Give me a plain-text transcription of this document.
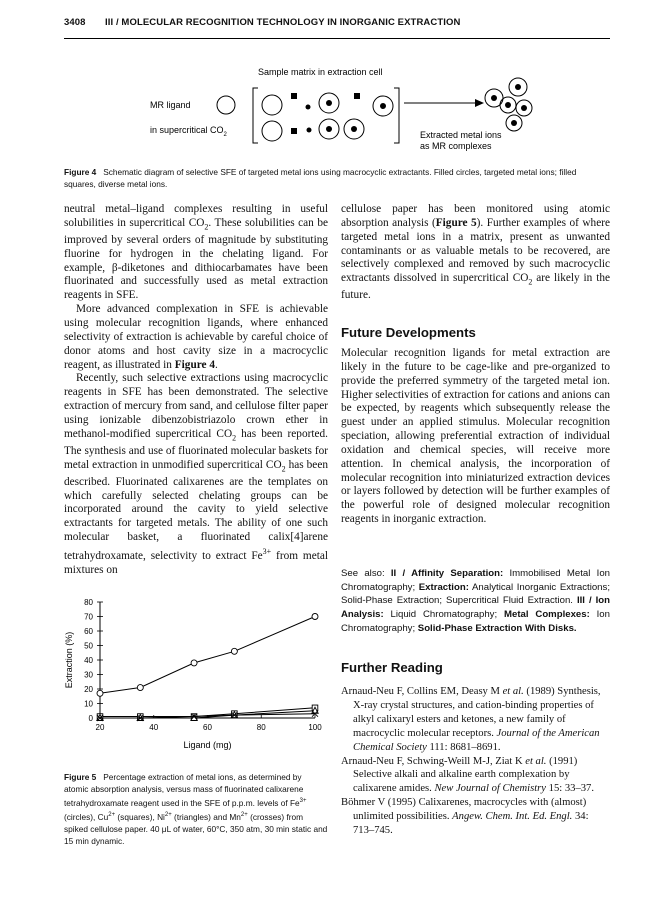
3408 III / MOLECULAR RECOGNITION TECHNOLOGY IN INORGANIC EXTRACTION
Sample matrix in extraction cell
MR ligand
in supercritical $CO_2$	Extracted metal ions
as MR complexes
Figure 4 Schematic diagram of selective SFE of targeted metal ions using macrocyclic extractants. Filled circles, targeted metal ions; filled squares, diverse metal ions.

neutral metal–ligand complexes resulting in useful solubilities in supercritical $CO_2$. These solubilities can be improved by several orders of magnitude by substituting fluorine for hydrogen in the chelating ligand. For example, β-diketones and dithiocarbamates have been fluorinated and successfully used as metal extraction reagents in SFE.

More advanced complexation in SFE is achievable using molecular recognition ligands, where enhanced selectivity of extraction is achievable by careful choice of donor atoms and host cavity size in a macrocyclic reagent, as illustrated in Figure 4.

Recently, such selective extractions using macrocyclic reagents in SFE has been demonstrated. The selective extraction of mercury from sand, and cellulose filter paper using ionizable dibenzobistriazolo crown ether in methanol-modified supercritical $CO_2$ has been reported. The synthesis and use of fluorinated molecular baskets for metal extraction in unmodified supercritical $CO_2$ has been described. Fluorinated calixarenes are the templates on which carefully selected chelating groups can be incorporated around the cavity to yield selective extractants for targeted metals. The ability of one such molecular basket, a fluorinated calix[4]arene tetrahydroxamate, selectivity to extract $Fe^{3+}$ from metal mixtures on

cellulose paper has been monitored using atomic absorption analysis (Figure 5). Further examples of where targeted metal ions in a matrix, present as unwanted contaminants or as valuable metals to be recovered, are selectively complexed and removed by such macrocyclic extractants dissolved in supercritical $CO_2$ are likely in the future.

Future Developments

Molecular recognition ligands for metal extraction are likely in the future to be cage-like and pre-organized to provide the preferred symmetry of the targeted metal ion. Higher selectivities of extraction for cations and anions can be expected, by reagents which subsequently release the guest under an applied stimulus. Molecular recognition speciation, allowing preferential extraction of individual oxidation and chemical species, will receive more attention. In chemical analysis, the incorporation of molecular recognition into miniaturized extraction devices or layers followed by detection will be further examples of the powerful role of designed molecular recognition reagents in inorganic extraction.

See also: II / Affinity Separation: Immobilised Metal Ion Chromatography; Extraction: Analytical Inorganic Extractions; Solid-Phase Extraction; Supercritical Fluid Extraction. III / Ion Analysis: Liquid Chromatography; Metal Complexes: Ion Chromatography; Solid-Phase Extraction With Disks.
Further Reading

Arnaud-Neu F, Collins EM, Deasy M et al. (1989) Synthesis, X-ray crystal structures, and cation-binding properties of alkyl calixaryl esters and ketones, a new family of macrocyclic molecular receptors. Journal of the American Chemical Society 111: 8681–8691.

Arnaud-Neu F, Schwing-Weill M-J, Ziat K et al. (1991) Selective alkali and alkaline earth complexation by calixarene amides. New Journal of Chemistry 15: 33–37.

Böhmer V (1995) Calixarenes, macrocycles with (almost) unlimited possibilities. Angew. Chem. Int. Ed. Engl. 34: 713–745.

0
10
20
30
40
50
60
70
80
20	40	60	80	100
Ligand (mg)
Extraction (%)
Figure 5 Percentage extraction of metal ions, as determined by atomic absorption analysis, versus mass of fluorinated calixarene tetrahydroxamate reagent used in the SFE of p.p.m. levels of $Fe^{3+}$ (circles), $Cu^{2+}$ (squares), $Ni^{2+}$ (triangles) and $Mn^{2+}$ (crosses) from spiked cellulose paper. 40 μL of water, 60°C, 350 atm, 30 min static and 15 min dynamic.
